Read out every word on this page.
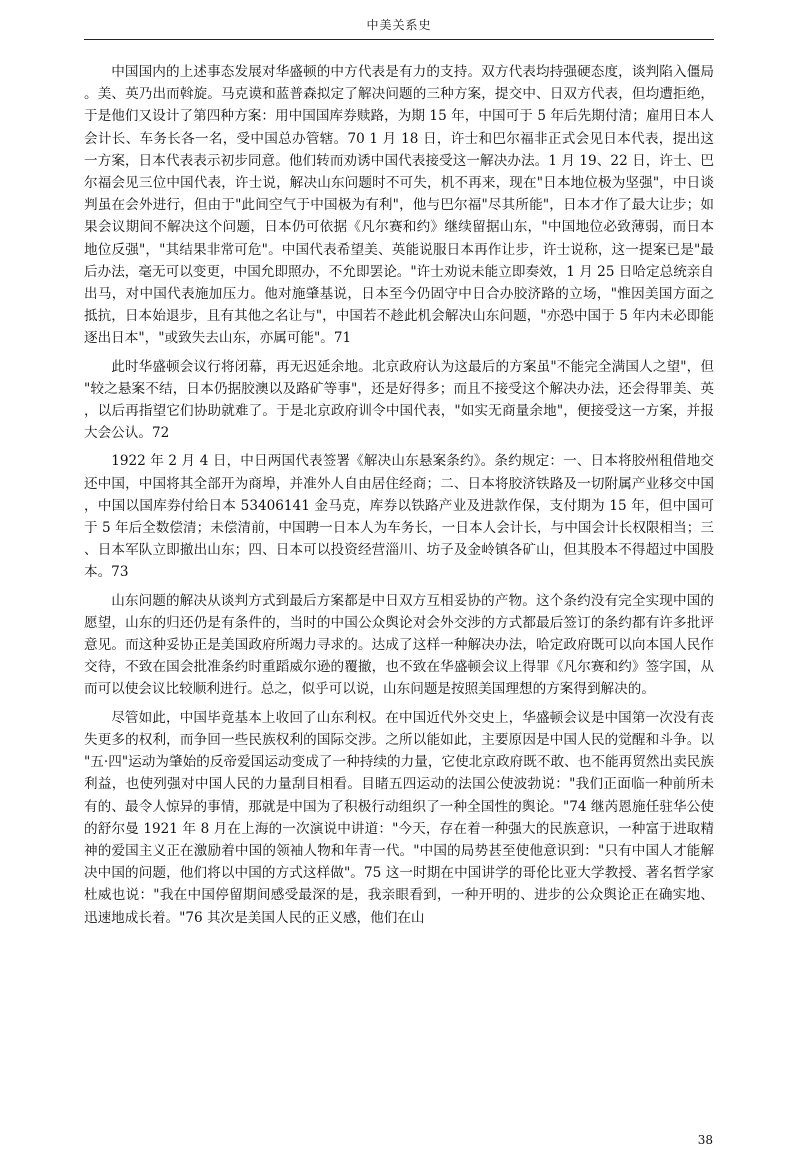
中美关系史

中国国内的上述事态发展对华盛顿的中方代表是有力的支持。双方代表均持强硬态度，谈判陷入僵局。美、英乃出而斡旋。马克谟和蓝普森拟定了解决问题的三种方案，提交中、日双方代表，但均遭拒绝，于是他们又设计了第四种方案：用中国国库券赎路，为期 15 年，中国可于 5 年后先期付清；雇用日本人会计长、车务长各一名，受中国总办管辖。70 1 月 18 日，许士和巴尔福非正式会见日本代表，提出这一方案，日本代表表示初步同意。他们转而劝诱中国代表接受这一解决办法。1 月 19、22 日，许士、巴尔福会见三位中国代表，许士说，解决山东问题时不可失，机不再来，现在"日本地位极为坚强"，中日谈判虽在会外进行，但由于"此间空气于中国极为有利"，他与巴尔福"尽其所能"，日本才作了最大让步；如果会议期间不解决这个问题，日本仍可依据《凡尔赛和约》继续留据山东，"中国地位必致薄弱，而日本地位反强"，"其结果非常可危"。中国代表希望美、英能说服日本再作让步，许士说称，这一提案已是"最后办法，毫无可以变更，中国允即照办，不允即罢论。"许士劝说未能立即奏效，1 月 25 日哈定总统亲自出马，对中国代表施加压力。他对施肇基说，日本至今仍固守中日合办胶济路的立场，"惟因美国方面之抵抗，日本始退步，且有其他之名让与"，中国若不趁此机会解决山东问题，"亦恐中国于 5 年内未必即能逐出日本"，"或致失去山东，亦属可能"。71

此时华盛顿会议行将闭幕，再无迟延余地。北京政府认为这最后的方案虽"不能完全满国人之望"，但"较之悬案不结，日本仍据胶澳以及路矿等事"，还是好得多；而且不接受这个解决办法，还会得罪美、英，以后再指望它们协助就难了。于是北京政府训令中国代表，"如实无商量余地"，便接受这一方案，并报大会公认。72

1922 年 2 月 4 日，中日两国代表签署《解决山东悬案条约》。条约规定：一、日本将胶州租借地交还中国，中国将其全部开为商埠，并准外人自由居住经商；二、日本将胶济铁路及一切附属产业移交中国，中国以国库券付给日本 53406141 金马克，库券以铁路产业及进款作保，支付期为 15 年，但中国可于 5 年后全数偿清；未偿清前，中国聘一日本人为车务长，一日本人会计长，与中国会计长权限相当；三、日本军队立即撤出山东；四、日本可以投资经营淄川、坊子及金岭镇各矿山，但其股本不得超过中国股本。73

山东问题的解决从谈判方式到最后方案都是中日双方互相妥协的产物。这个条约没有完全实现中国的愿望，山东的归还仍是有条件的，当时的中国公众舆论对会外交涉的方式都最后签订的条约都有许多批评意见。而这种妥协正是美国政府所竭力寻求的。达成了这样一种解决办法，哈定政府既可以向本国人民作交待，不致在国会批准条约时重蹈威尔逊的覆撤，也不致在华盛顿会议上得罪《凡尔赛和约》签字国，从而可以使会议比较顺利进行。总之，似乎可以说，山东问题是按照美国理想的方案得到解决的。

尽管如此，中国毕竟基本上收回了山东利权。在中国近代外交史上，华盛顿会议是中国第一次没有丧失更多的权利，而争回一些民族权利的国际交涉。之所以能如此，主要原因是中国人民的觉醒和斗争。以"五·四"运动为肇始的反帝爱国运动变成了一种持续的力量，它使北京政府既不敢、也不能再贸然出卖民族利益，也使列强对中国人民的力量刮目相看。目睹五四运动的法国公使波勃说："我们正面临一种前所未有的、最令人惊异的事情，那就是中国为了积极行动组织了一种全国性的舆论。"74 继芮恩施任驻华公使的舒尔曼 1921 年 8 月在上海的一次演说中讲道："今天，存在着一种强大的民族意识，一种富于进取精神的爱国主义正在激励着中国的领袖人物和年青一代。"中国的局势甚至使他意识到："只有中国人才能解决中国的问题，他们将以中国的方式这样做"。75 这一时期在中国讲学的哥伦比亚大学教授、著名哲学家杜威也说："我在中国停留期间感受最深的是，我亲眼看到，一种开明的、进步的公众舆论正在确实地、迅速地成长着。"76 其次是美国人民的正义感，他们在山

38
